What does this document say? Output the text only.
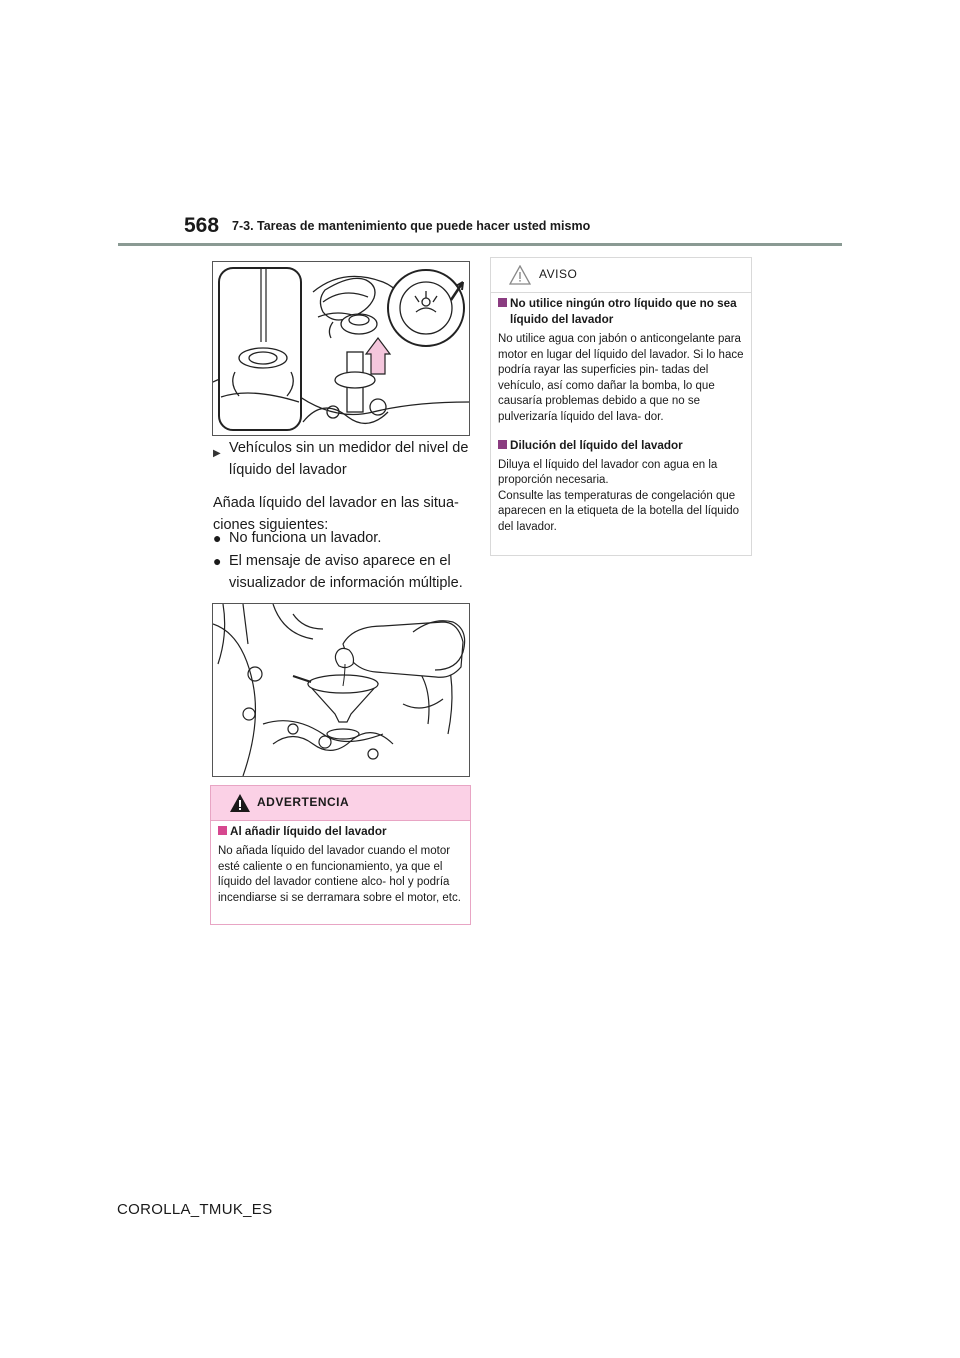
568 7-3. Tareas de mantenimiento que puede hacer usted mismo
▶ Vehículos sin un medidor del nivel de líquido del lavador
Añada líquido del lavador en las situa- ciones siguientes:
● No funciona un lavador.
● El mensaje de aviso aparece en el visualizador de información múltiple.
ADVERTENCIA
Al añadir líquido del lavador
No añada líquido del lavador cuando el motor esté caliente o en funcionamiento, ya que el líquido del lavador contiene alco- hol y podría incendiarse si se derramara sobre el motor, etc.
AVISO
No utilice ningún otro líquido que no sea líquido del lavador
No utilice agua con jabón o anticongelante para motor en lugar del líquido del lavador. Si lo hace podría rayar las superficies pin- tadas del vehículo, así como dañar la bomba, lo que causaría problemas debido a que no se pulverizaría líquido del lava- dor.
Dilución del líquido del lavador
Diluya el líquido del lavador con agua en la proporción necesaria.
Consulte las temperaturas de congelación que aparecen en la etiqueta de la botella del líquido del lavador.
COROLLA_TMUK_ES
